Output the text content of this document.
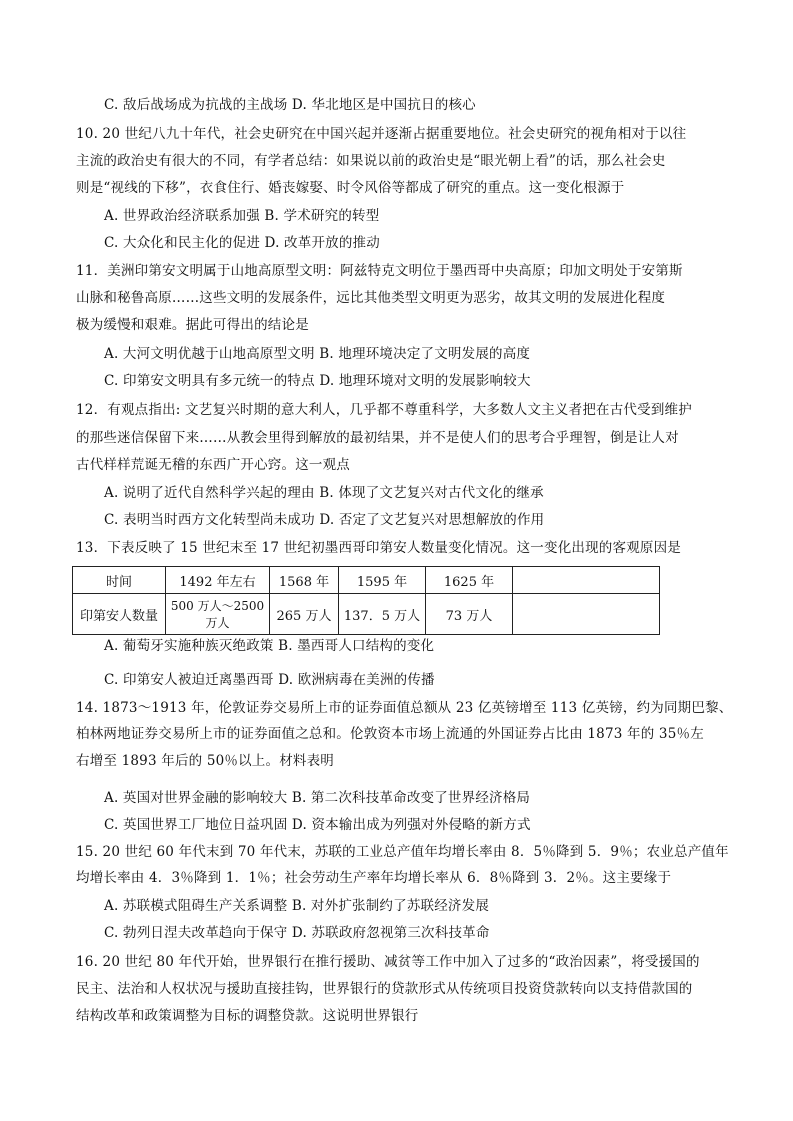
C. 敌后战场成为抗战的主战场 D. 华北地区是中国抗日的核心
10. 20 世纪八九十年代，社会史研究在中国兴起并逐渐占据重要地位。社会史研究的视角相对于以往
主流的政治史有很大的不同，有学者总结：如果说以前的政治史是“眼光朝上看”的话，那么社会史
则是“视线的下移”，衣食住行、婚丧嫁娶、时令风俗等都成了研究的重点。这一变化根源于
A. 世界政治经济联系加强 B. 学术研究的转型
C. 大众化和民主化的促进 D. 改革开放的推动
11．美洲印第安文明属于山地高原型文明：阿兹特克文明位于墨西哥中央高原；印加文明处于安第斯
山脉和秘鲁高原……这些文明的发展条件，远比其他类型文明更为恶劣，故其文明的发展进化程度
极为缓慢和艰难。据此可得出的结论是
A. 大河文明优越于山地高原型文明 B. 地理环境决定了文明发展的高度
C. 印第安文明具有多元统一的特点 D. 地理环境对文明的发展影响较大
12．有观点指出: 文艺复兴时期的意大利人，几乎都不尊重科学，大多数人文主义者把在古代受到维护
的那些迷信保留下来……从教会里得到解放的最初结果，并不是使人们的思考合乎理智，倒是让人对
古代样样荒诞无稽的东西广开心窍。这一观点
A. 说明了近代自然科学兴起的理由 B. 体现了文艺复兴对古代文化的继承
C. 表明当时西方文化转型尚未成功 D. 否定了文艺复兴对思想解放的作用
13．下表反映了 15 世纪末至 17 世纪初墨西哥印第安人数量变化情况。这一变化出现的客观原因是
时间	1492 年左右	1568 年	1595 年	1625 年	
印第安人数量	500 万人～2500 万人	265 万人	137．5 万人	73 万人	
A. 葡萄牙实施种族灭绝政策 B. 墨西哥人口结构的变化
C. 印第安人被迫迁离墨西哥 D. 欧洲病毒在美洲的传播
14. 1873～1913 年，伦敦证券交易所上市的证券面值总额从 23 亿英镑增至 113 亿英镑，约为同期巴黎、
柏林两地证券交易所上市的证券面值之总和。伦敦资本市场上流通的外国证券占比由 1873 年的 35％左
右增至 1893 年后的 50％以上。材料表明
A. 英国对世界金融的影响较大 B. 第二次科技革命改变了世界经济格局
C. 英国世界工厂地位日益巩固 D. 资本输出成为列强对外侵略的新方式
15. 20 世纪 60 年代末到 70 年代末，苏联的工业总产值年均增长率由 8．5％降到 5．9％；农业总产值年
均增长率由 4．3％降到 1．1％；社会劳动生产率年均增长率从 6．8％降到 3．2％。这主要缘于
A. 苏联模式阻碍生产关系调整 B. 对外扩张制约了苏联经济发展
C. 勃列日涅夫改革趋向于保守 D. 苏联政府忽视第三次科技革命
16. 20 世纪 80 年代开始，世界银行在推行援助、减贫等工作中加入了过多的“政治因素”，将受援国的
民主、法治和人权状况与援助直接挂钩，世界银行的贷款形式从传统项目投资贷款转向以支持借款国的
结构改革和政策调整为目标的调整贷款。这说明世界银行
